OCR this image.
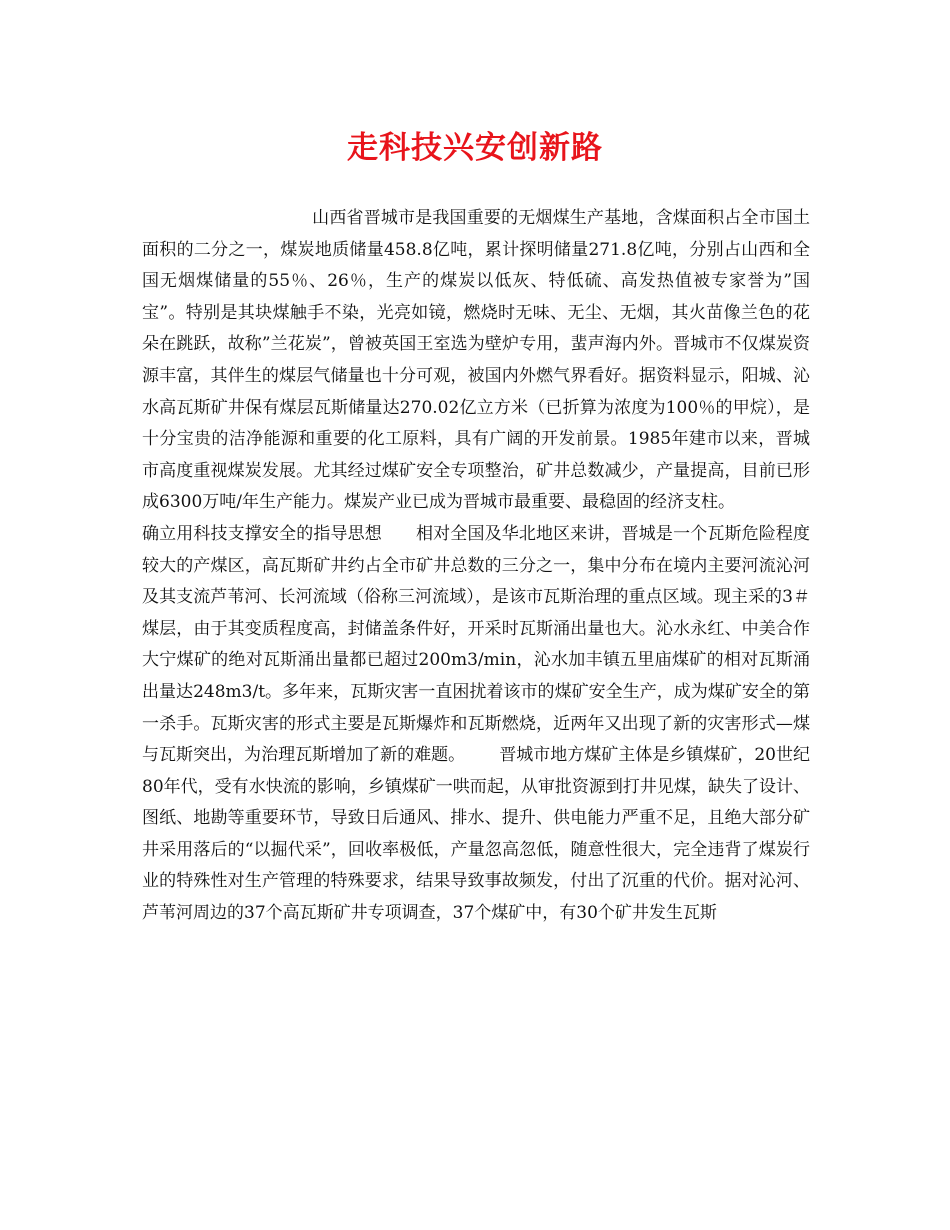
走科技兴安创新路

山西省晋城市是我国重要的无烟煤生产基地，含煤面积占全市国土面积的二分之一，煤炭地质储量458.8亿吨，累计探明储量271.8亿吨，分别占山西和全国无烟煤储量的55％、26％，生产的煤炭以低灰、特低硫、高发热值被专家誉为”国宝”。特别是其块煤触手不染，光亮如镜，燃烧时无味、无尘、无烟，其火苗像兰色的花朵在跳跃，故称”兰花炭”，曾被英国王室选为壁炉专用，蜚声海内外。晋城市不仅煤炭资源丰富，其伴生的煤层气储量也十分可观，被国内外燃气界看好。据资料显示，阳城、沁水高瓦斯矿井保有煤层瓦斯储量达270.02亿立方米（已折算为浓度为100％的甲烷），是十分宝贵的洁净能源和重要的化工原料，具有广阔的开发前景。1985年建市以来，晋城市高度重视煤炭发展。尤其经过煤矿安全专项整治，矿井总数减少，产量提高，目前已形成6300万吨/年生产能力。煤炭产业已成为晋城市最重要、最稳固的经济支柱。

确立用科技支撑安全的指导思想 相对全国及华北地区来讲，晋城是一个瓦斯危险程度较大的产煤区，高瓦斯矿井约占全市矿井总数的三分之一，集中分布在境内主要河流沁河及其支流芦苇河、长河流域（俗称三河流域），是该市瓦斯治理的重点区域。现主采的3＃煤层，由于其变质程度高，封储盖条件好，开采时瓦斯涌出量也大。沁水永红、中美合作大宁煤矿的绝对瓦斯涌出量都已超过200m3/min，沁水加丰镇五里庙煤矿的相对瓦斯涌出量达248m3/t。多年来，瓦斯灾害一直困扰着该市的煤矿安全生产，成为煤矿安全的第一杀手。瓦斯灾害的形式主要是瓦斯爆炸和瓦斯燃烧，近两年又出现了新的灾害形式—煤与瓦斯突出，为治理瓦斯增加了新的难题。 晋城市地方煤矿主体是乡镇煤矿，20世纪80年代，受有水快流的影响，乡镇煤矿一哄而起，从审批资源到打井见煤，缺失了设计、图纸、地勘等重要环节，导致日后通风、排水、提升、供电能力严重不足，且绝大部分矿井采用落后的“以掘代采”，回收率极低，产量忽高忽低，随意性很大，完全违背了煤炭行业的特殊性对生产管理的特殊要求，结果导致事故频发，付出了沉重的代价。据对沁河、芦苇河周边的37个高瓦斯矿井专项调查，37个煤矿中，有30个矿井发生瓦斯
